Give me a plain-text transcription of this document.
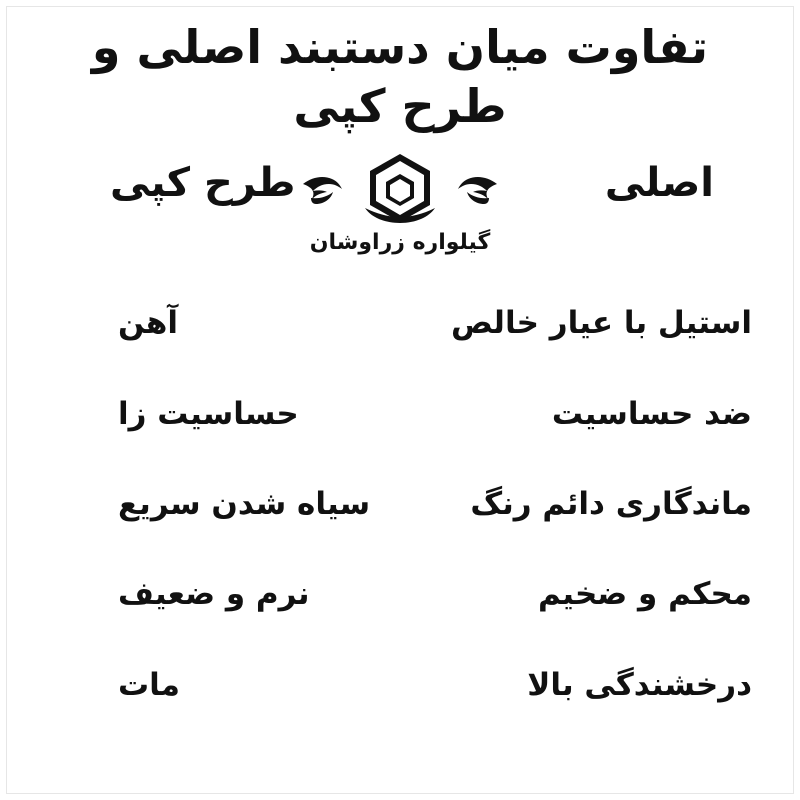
تفاوت میان دستبند اصلی و طرح کپی
اصلی
طرح کپی
گیلواره زراوشان
استیل با عیار خالص
آهن
ضد حساسیت
حساسیت زا
ماندگاری دائم رنگ
سیاه شدن سریع
محکم و ضخیم
نرم و ضعیف
درخشندگی بالا
مات
